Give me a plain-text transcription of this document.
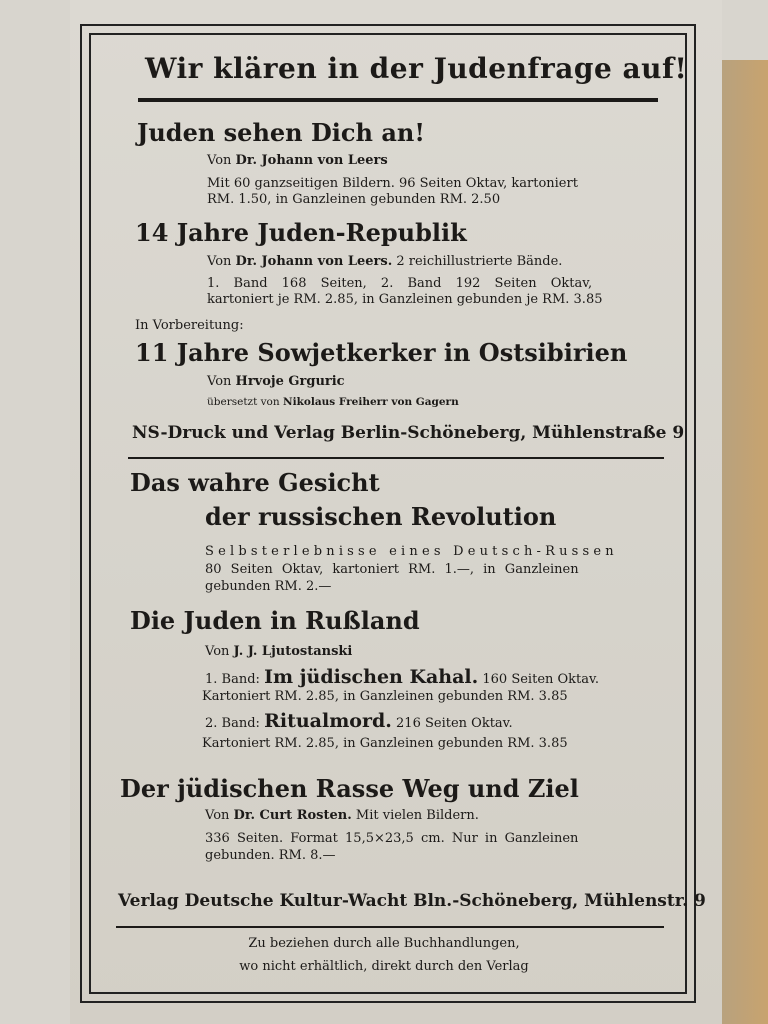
Wir klären in der Judenfrage auf!
Juden sehen Dich an!
Von Dr. Johann von Leers
Mit 60 ganzseitigen Bildern. 96 Seiten Oktav, kartoniert
RM. 1.50, in Ganzleinen gebunden RM. 2.50
14 Jahre Juden-Republik
Von Dr. Johann von Leers. 2 reichillustrierte Bände.
1. Band 168 Seiten, 2. Band 192 Seiten Oktav,
kartoniert je RM. 2.85, in Ganzleinen gebunden je RM. 3.85
In Vorbereitung:
11 Jahre Sowjetkerker in Ostsibirien
Von Hrvoje Grguric
übersetzt von Nikolaus Freiherr von Gagern
NS-Druck und Verlag Berlin-Schöneberg, Mühlenstraße 9
Das wahre Gesicht
der russischen Revolution
Selbsterlebnisse eines Deutsch-Russen
80 Seiten Oktav, kartoniert RM. 1.—, in Ganzleinen
gebunden RM. 2.—
Die Juden in Rußland
Von J. J. Ljutostanski
1. Band: Im jüdischen Kahal. 160 Seiten Oktav.
Kartoniert RM. 2.85, in Ganzleinen gebunden RM. 3.85
2. Band: Ritualmord. 216 Seiten Oktav.
Kartoniert RM. 2.85, in Ganzleinen gebunden RM. 3.85
Der jüdischen Rasse Weg und Ziel
Von Dr. Curt Rosten. Mit vielen Bildern.
336 Seiten. Format 15,5×23,5 cm. Nur in Ganzleinen
gebunden. RM. 8.—
Verlag Deutsche Kultur-Wacht Bln.-Schöneberg, Mühlenstr. 9
Zu beziehen durch alle Buchhandlungen,
wo nicht erhältlich, direkt durch den Verlag
